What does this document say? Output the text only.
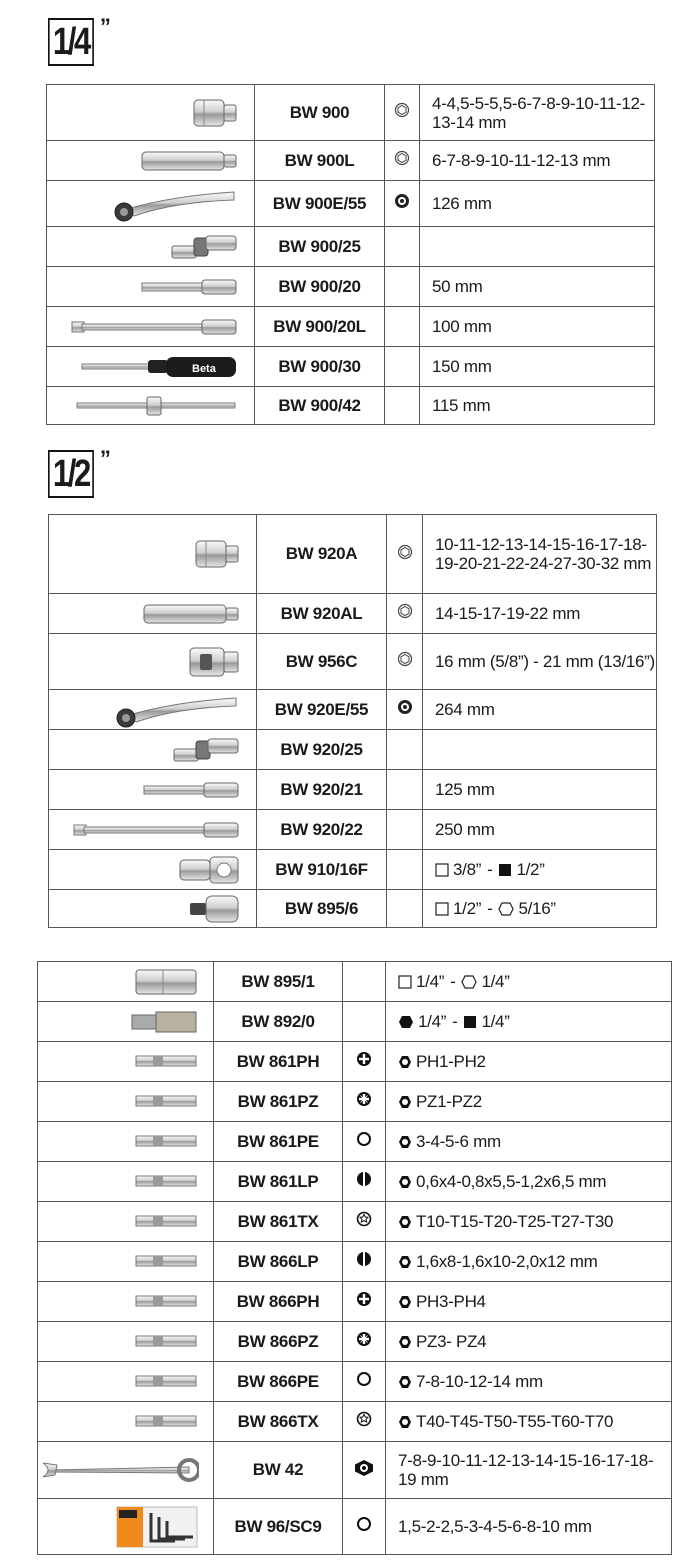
1/4 ”
	BW 900		4-4,5-5-5,5-6-7-8-9-10-11-12-13-14 mm

	BW 900L		6-7-8-9-10-11-12-13 mm

	BW 900E/55		126 mm

	BW 900/25		

	BW 900/20		50 mm

	BW 900/20L		100 mm

Beta	BW 900/30		150 mm

	BW 900/42		115 mm
1/2 ”
	BW 920A		10-11-12-13-14-15-16-17-18-19-20-21-22-24-27-30-32 mm

	BW 920AL		14-15-17-19-22 mm

	BW 956C		16 mm (5/8”) - 21 mm (13/16”)

	BW 920E/55		264 mm

	BW 920/25		

	BW 920/21		125 mm

	BW 920/22		250 mm

	BW 910/16F		3/8” - 1/2”

	BW 895/6		1/2” - 5/16”
	BW 895/1		1/4” - 1/4”

	BW 892/0		1/4” - 1/4”

	BW 861PH		PH1-PH2

	BW 861PZ		PZ1-PZ2

	BW 861PE		3-4-5-6 mm

	BW 861LP		0,6x4-0,8x5,5-1,2x6,5 mm

	BW 861TX		T10-T15-T20-T25-T27-T30

	BW 866LP		1,6x8-1,6x10-2,0x12 mm

	BW 866PH		PH3-PH4

	BW 866PZ		PZ3- PZ4

	BW 866PE		7-8-10-12-14 mm

	BW 866TX		T40-T45-T50-T55-T60-T70

	BW 42		7-8-9-10-11-12-13-14-15-16-17-18-19 mm

	BW 96/SC9		1,5-2-2,5-3-4-5-6-8-10 mm
